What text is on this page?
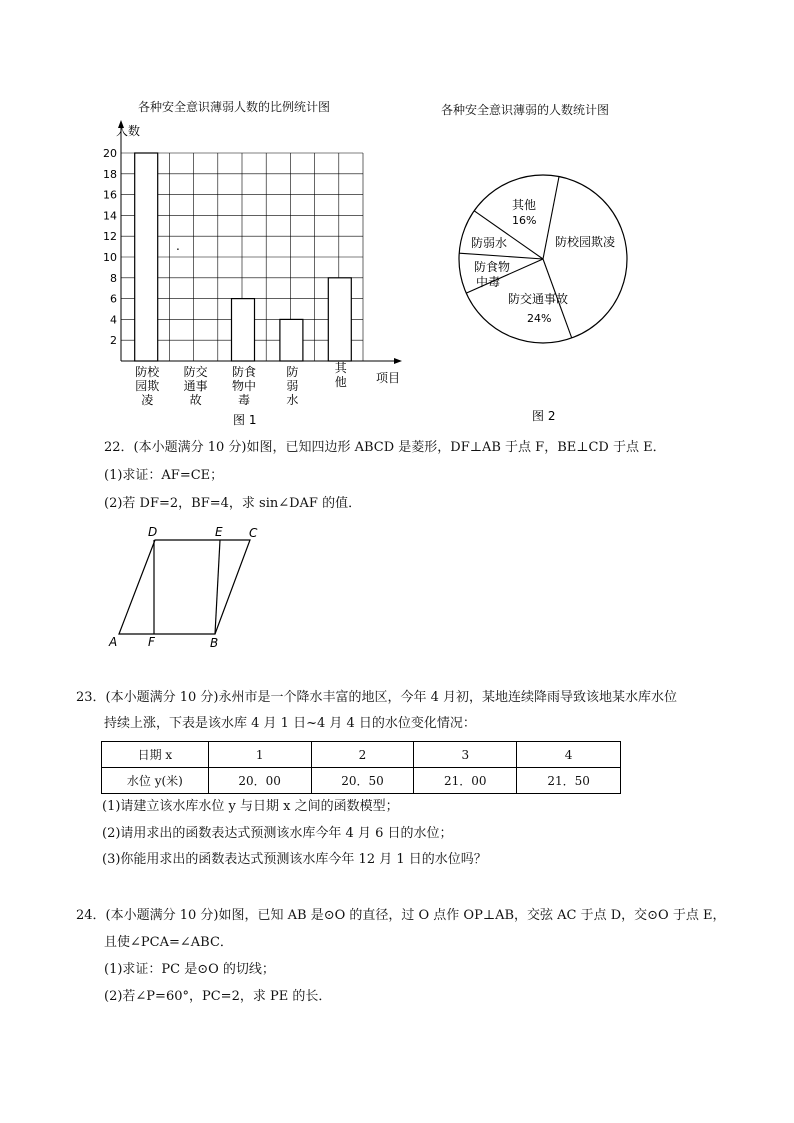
各种安全意识薄弱人数的比例统计图
2
4
6
8
10
12
14
16
18
20
防校
园欺
凌
防交
通事
故
防食
物中
毒
防
弱
水
其
他
人数
项目
.
图 1
各种安全意识薄弱的人数统计图
其他
16%
防校园欺凌
防弱水
防食物
中毒
防交通事故
24%
图 2
22．(本小题满分 10 分)如图，已知四边形 ABCD 是菱形，DF⊥AB 于点 F，BE⊥CD 于点 E．
(1)求证：AF=CE；
(2)若 DF=2，BF=4，求 sin∠DAF 的值．
D	E C
A	F	B
23．(本小题满分 10 分)永州市是一个降水丰富的地区，今年 4 月初，某地连续降雨导致该地某水库水位
持续上涨，下表是该水库 4 月 1 日~4 月 4 日的水位变化情况：
日期 x	1	2	3	4
水位 y(米)	20．00	20．50	21．00	21．50
(1)请建立该水库水位 y 与日期 x 之间的函数模型；
(2)请用求出的函数表达式预测该水库今年 4 月 6 日的水位；
(3)你能用求出的函数表达式预测该水库今年 12 月 1 日的水位吗？
24．(本小题满分 10 分)如图，已知 AB 是⊙O 的直径，过 O 点作 OP⊥AB，交弦 AC 于点 D，交⊙O 于点 E，
且使∠PCA=∠ABC．
(1)求证：PC 是⊙O 的切线；
(2)若∠P=60°，PC=2，求 PE 的长．
